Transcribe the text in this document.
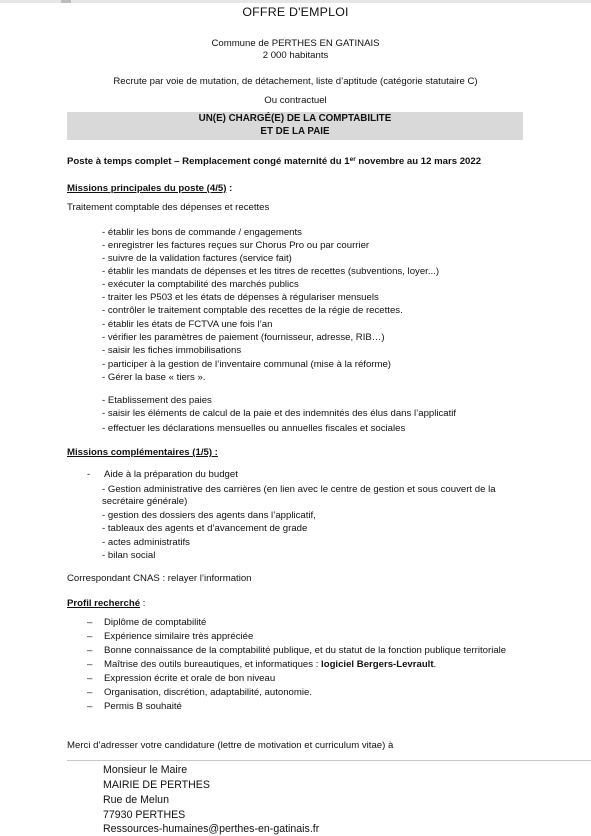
OFFRE D'EMPLOI
Commune de PERTHES EN GATINAIS
2 000 habitants
Recrute par voie de mutation, de détachement, liste d’aptitude (catégorie statutaire C)
Ou contractuel
UN(E) CHARGÉ(E) DE LA COMPTABILITE
ET DE LA PAIE
Poste à temps complet – Remplacement congé maternité du 1er novembre au 12 mars 2022
Missions principales du poste (4/5) :
Traitement comptable des dépenses et recettes
- établir les bons de commande / engagements
- enregistrer les factures reçues sur Chorus Pro ou par courrier
- suivre de la validation factures (service fait)
- établir les mandats de dépenses et les titres de recettes (subventions, loyer...)
- exécuter la comptabilité des marchés publics
- traiter les P503 et les états de dépenses à régulariser mensuels
- contrôler le traitement comptable des recettes de la régie de recettes.
- établir les états de FCTVA une fois l’an
- vérifier les paramètres de paiement (fournisseur, adresse, RIB…)
- saisir les fiches immobilisations
- participer à la gestion de l’inventaire communal (mise à la réforme)
- Gérer la base « tiers ».
- Etablissement des paies
- saisir les éléments de calcul de la paie et des indemnités des élus dans l’applicatif
- effectuer les déclarations mensuelles ou annuelles fiscales et sociales
Missions complémentaires (1/5) :
- Aide à la préparation du budget
- Gestion administrative des carrières (en lien avec le centre de gestion et sous couvert de la
secrétaire générale)
- gestion des dossiers des agents dans l’applicatif,
- tableaux des agents et d’avancement de grade
- actes administratifs
- bilan social
Correspondant CNAS : relayer l’information
Profil recherché :
– Diplôme de comptabilité
– Expérience similaire très appréciée
– Bonne connaissance de la comptabilité publique, et du statut de la fonction publique territoriale
– Maîtrise des outils bureautiques, et informatiques : logiciel Bergers-Levrault.
– Expression écrite et orale de bon niveau
– Organisation, discrétion, adaptabilité, autonomie.
– Permis B souhaité
Merci d’adresser votre candidature (lettre de motivation et curriculum vitae) à
Monsieur le Maire
MAIRIE DE PERTHES
Rue de Melun
77930 PERTHES
Ressources-humaines@perthes-en-gatinais.fr
